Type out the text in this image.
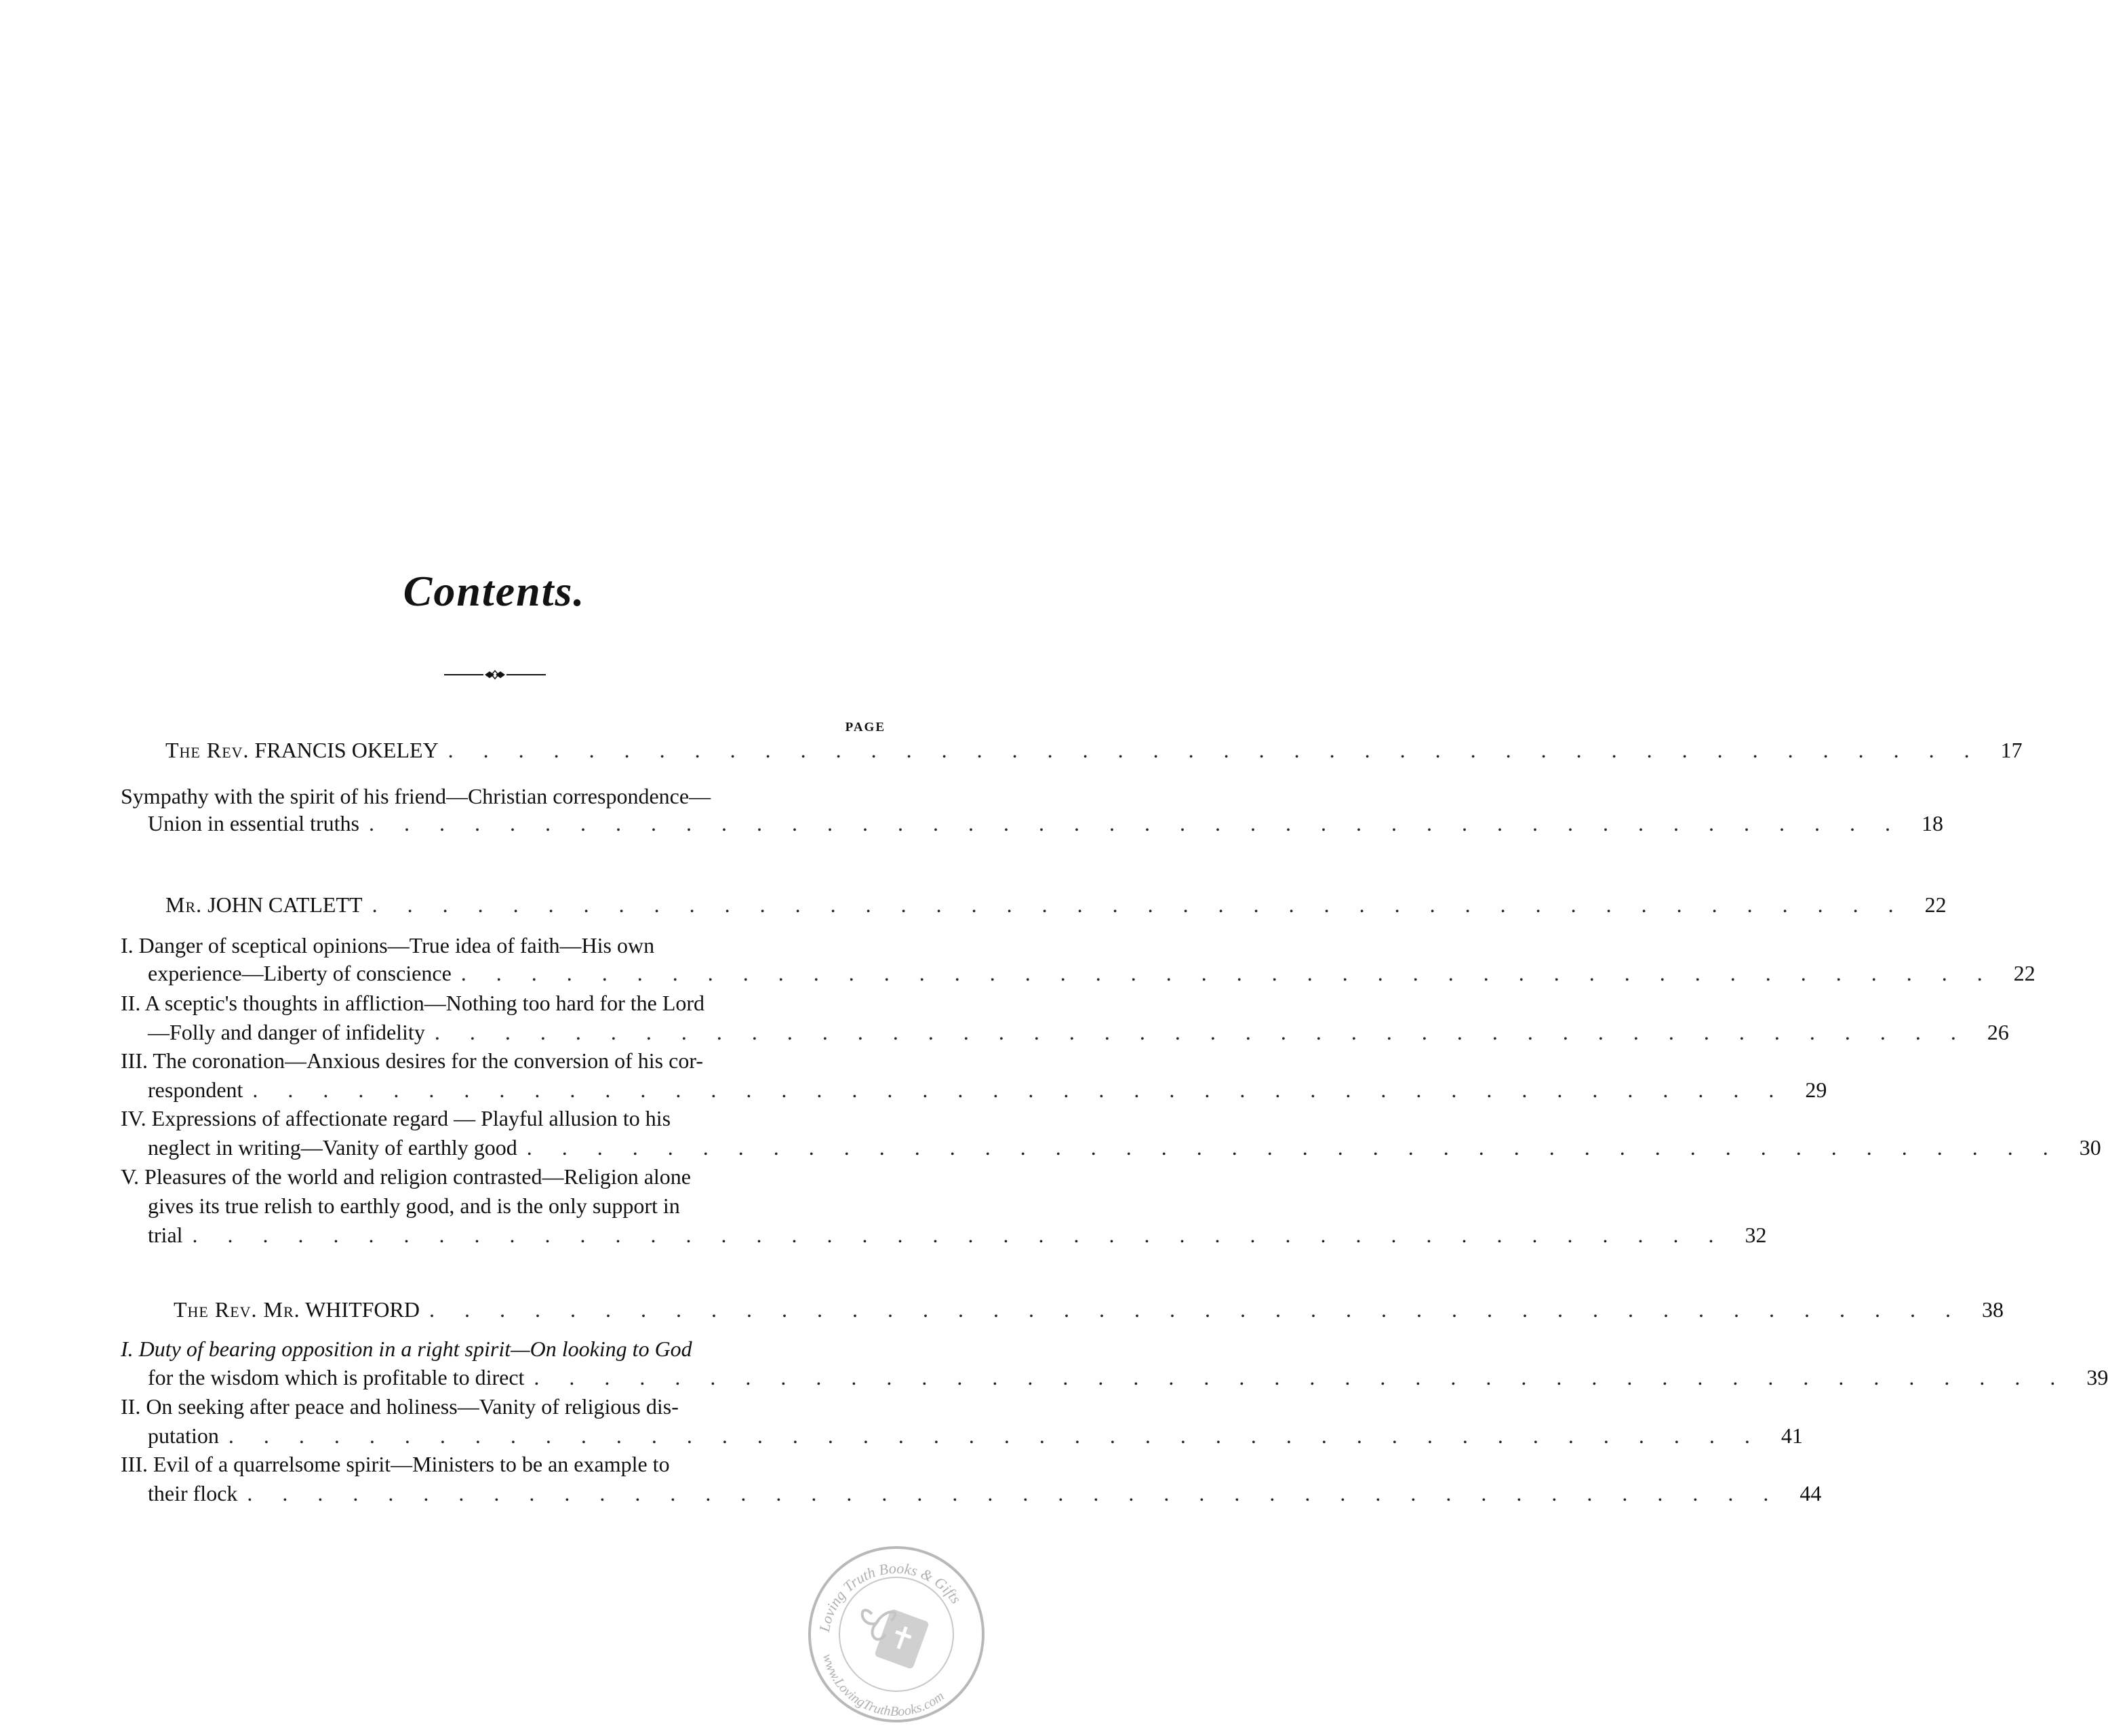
Contents.
PAGE
The Rev. FRANCIS OKELEY . . . . . . . . . . . . . . . . . . . . . . . . . . . . . . . . . . . . . . . . . . . . 17
Sympathy with the spirit of his friend—Christian correspondence—
Union in essential truths . . . . . . . . . . . . . . . . . . . . . . . . . . . . . . . . . . . . . . . . . . . . 18
Mr. JOHN CATLETT . . . . . . . . . . . . . . . . . . . . . . . . . . . . . . . . . . . . . . . . . . . . 22
I. Danger of sceptical opinions—True idea of faith—His own
experience—Liberty of conscience . . . . . . . . . . . . . . . . . . . . . . . . . . . . . . . . . . . . . . . . . . . . 22
II. A sceptic's thoughts in affliction—Nothing too hard for the Lord
—Folly and danger of infidelity . . . . . . . . . . . . . . . . . . . . . . . . . . . . . . . . . . . . . . . . . . . . 26
III. The coronation—Anxious desires for the conversion of his cor-
respondent . . . . . . . . . . . . . . . . . . . . . . . . . . . . . . . . . . . . . . . . . . . . 29
IV. Expressions of affectionate regard — Playful allusion to his
neglect in writing—Vanity of earthly good . . . . . . . . . . . . . . . . . . . . . . . . . . . . . . . . . . . . . . . . . . . . 30
V. Pleasures of the world and religion contrasted—Religion alone
gives its true relish to earthly good, and is the only support in
trial . . . . . . . . . . . . . . . . . . . . . . . . . . . . . . . . . . . . . . . . . . . . 32
The Rev. Mr. WHITFORD . . . . . . . . . . . . . . . . . . . . . . . . . . . . . . . . . . . . . . . . . . . . 38
I. Duty of bearing opposition in a right spirit—On looking to God
for the wisdom which is profitable to direct . . . . . . . . . . . . . . . . . . . . . . . . . . . . . . . . . . . . . . . . . . . . 39
II. On seeking after peace and holiness—Vanity of religious dis-
putation . . . . . . . . . . . . . . . . . . . . . . . . . . . . . . . . . . . . . . . . . . . . 41
III. Evil of a quarrelsome spirit—Ministers to be an example to
their flock . . . . . . . . . . . . . . . . . . . . . . . . . . . . . . . . . . . . . . . . . . . . 44
Loving Truth Books & Gifts
www.LovingTruthBooks.com
